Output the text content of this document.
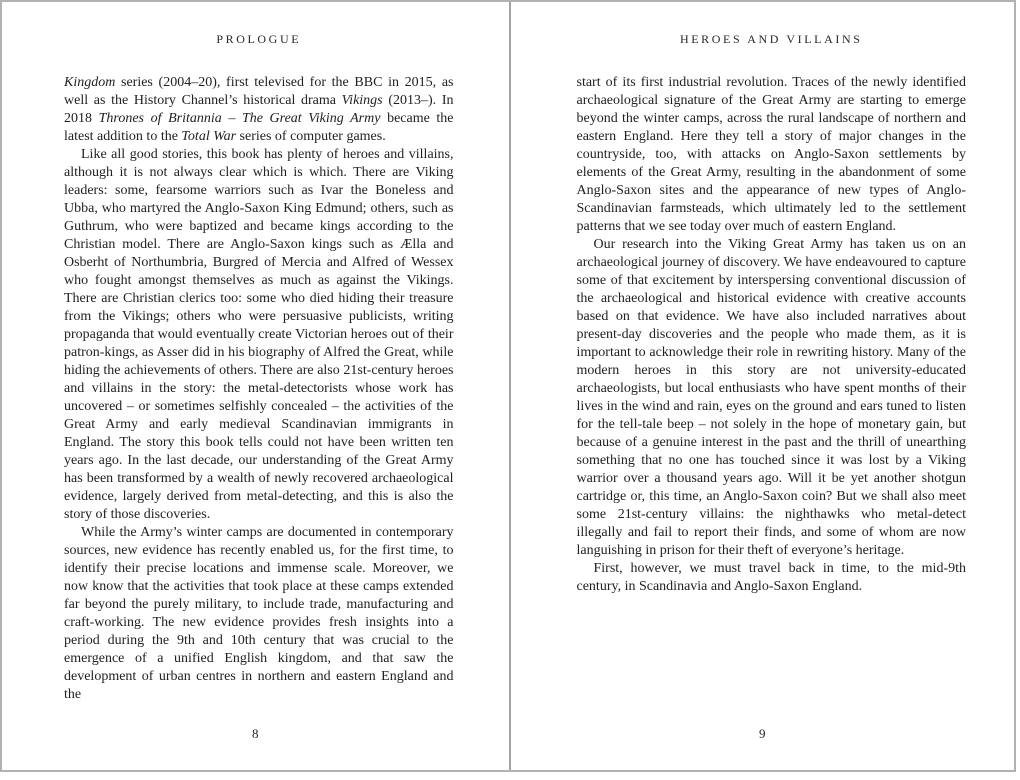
PROLOGUE

Kingdom series (2004–20), first televised for the BBC in 2015, as well as the History Channel’s historical drama Vikings (2013–). In 2018 Thrones of Britannia – The Great Viking Army became the latest addition to the Total War series of computer games.

Like all good stories, this book has plenty of heroes and villains, although it is not always clear which is which. There are Viking leaders: some, fearsome warriors such as Ivar the Boneless and Ubba, who martyred the Anglo-Saxon King Edmund; others, such as Guthrum, who were baptized and became kings according to the Christian model. There are Anglo-Saxon kings such as Ælla and Osberht of Northumbria, Burgred of Mercia and Alfred of Wessex who fought amongst themselves as much as against the Vikings. There are Christian clerics too: some who died hiding their treasure from the Vikings; others who were persuasive publicists, writing propaganda that would eventually create Victorian heroes out of their patron-kings, as Asser did in his biography of Alfred the Great, while hiding the achievements of others. There are also 21st-century heroes and villains in the story: the metal-detectorists whose work has uncovered – or sometimes selfishly concealed – the activities of the Great Army and early medieval Scandinavian immigrants in England. The story this book tells could not have been written ten years ago. In the last decade, our understanding of the Great Army has been transformed by a wealth of newly recovered archaeological evidence, largely derived from metal-detecting, and this is also the story of those discoveries.

While the Army’s winter camps are documented in contemporary sources, new evidence has recently enabled us, for the first time, to identify their precise locations and immense scale. Moreover, we now know that the activities that took place at these camps extended far beyond the purely military, to include trade, manufacturing and craft-working. The new evidence provides fresh insights into a period during the 9th and 10th century that was crucial to the emergence of a unified English kingdom, and that saw the development of urban centres in northern and eastern England and the

8
HEROES AND VILLAINS

start of its first industrial revolution. Traces of the newly identified archaeological signature of the Great Army are starting to emerge beyond the winter camps, across the rural landscape of northern and eastern England. Here they tell a story of major changes in the countryside, too, with attacks on Anglo-Saxon settlements by elements of the Great Army, resulting in the abandonment of some Anglo-Saxon sites and the appearance of new types of Anglo-Scandinavian farmsteads, which ultimately led to the settlement patterns that we see today over much of eastern England.

Our research into the Viking Great Army has taken us on an archaeological journey of discovery. We have endeavoured to capture some of that excitement by interspersing conventional discussion of the archaeological and historical evidence with creative accounts based on that evidence. We have also included narratives about present-day discoveries and the people who made them, as it is important to acknowledge their role in rewriting history. Many of the modern heroes in this story are not university-educated archaeologists, but local enthusiasts who have spent months of their lives in the wind and rain, eyes on the ground and ears tuned to listen for the tell-tale beep – not solely in the hope of monetary gain, but because of a genuine interest in the past and the thrill of unearthing something that no one has touched since it was lost by a Viking warrior over a thousand years ago. Will it be yet another shotgun cartridge or, this time, an Anglo-Saxon coin? But we shall also meet some 21st-century villains: the nighthawks who metal-detect illegally and fail to report their finds, and some of whom are now languishing in prison for their theft of everyone’s heritage.

First, however, we must travel back in time, to the mid-9th century, in Scandinavia and Anglo-Saxon England.

9
